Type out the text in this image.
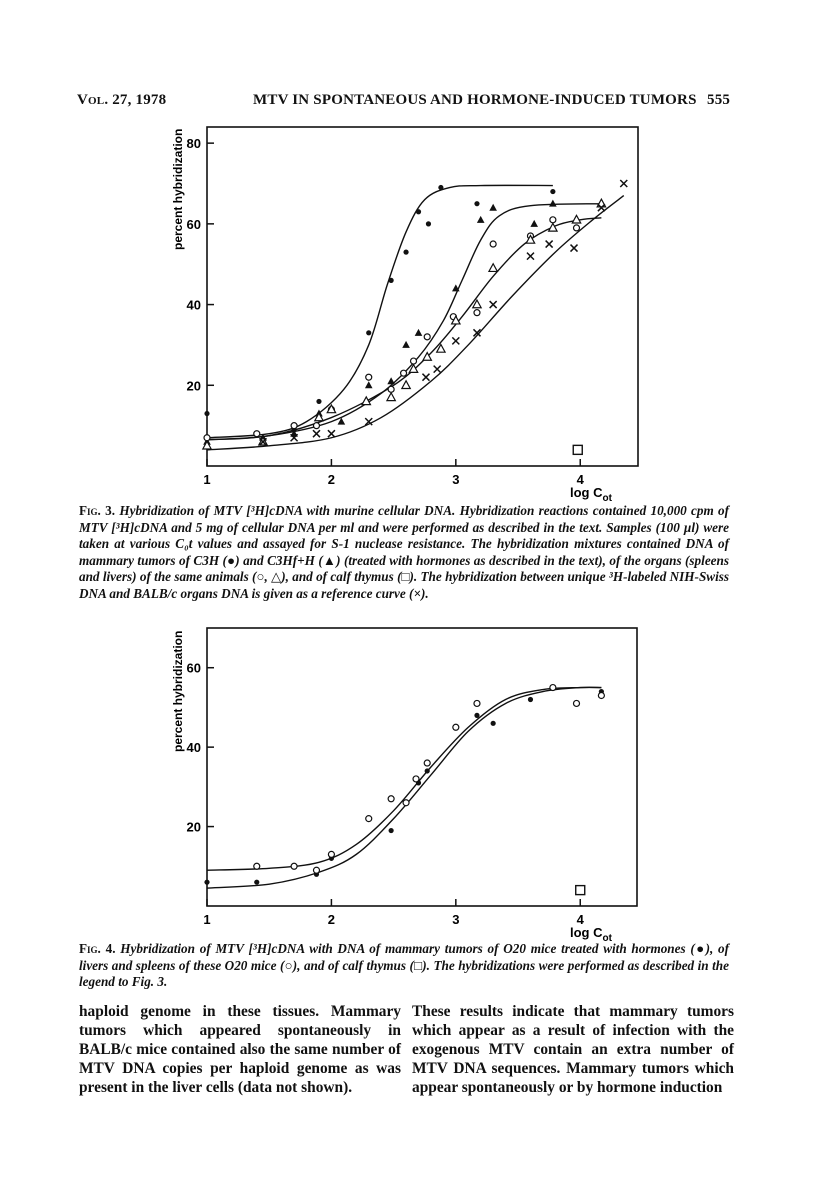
Vol. 27, 1978	MTV IN SPONTANEOUS AND HORMONE-INDUCED TUMORS 555
1	2	3	4
20
40
60
80
percent hybridization
$\log C_{ot}$
Fig. 3. Hybridization of MTV [³H]cDNA with murine cellular DNA. Hybridization reactions contained 10,000 cpm of MTV [³H]cDNA and 5 mg of cellular DNA per ml and were performed as described in the text. Samples (100 µl) were taken at various C₀t values and assayed for S-1 nuclease resistance. The hybridization mixtures contained DNA of mammary tumors of C3H (●) and C3Hf+H (▲) (treated with hormones as described in the text), of the organs (spleens and livers) of the same animals (○, △), and of calf thymus (□). The hybridization between unique ³H-labeled NIH-Swiss DNA and BALB/c organs DNA is given as a reference curve (×).
1	2	3	4
20
40
60
percent hybridization
$\log C_{ot}$
Fig. 4. Hybridization of MTV [³H]cDNA with DNA of mammary tumors of O20 mice treated with hormones (●), of livers and spleens of these O20 mice (○), and of calf thymus (□). The hybridizations were performed as described in the legend to Fig. 3.
haploid genome in these tissues. Mammary tumors which appeared spontaneously in BALB/c mice contained also the same number of MTV DNA copies per haploid genome as was present in the liver cells (data not shown).
These results indicate that mammary tumors which appear as a result of infection with the exogenous MTV contain an extra number of MTV DNA sequences. Mammary tumors which appear spontaneously or by hormone induction
